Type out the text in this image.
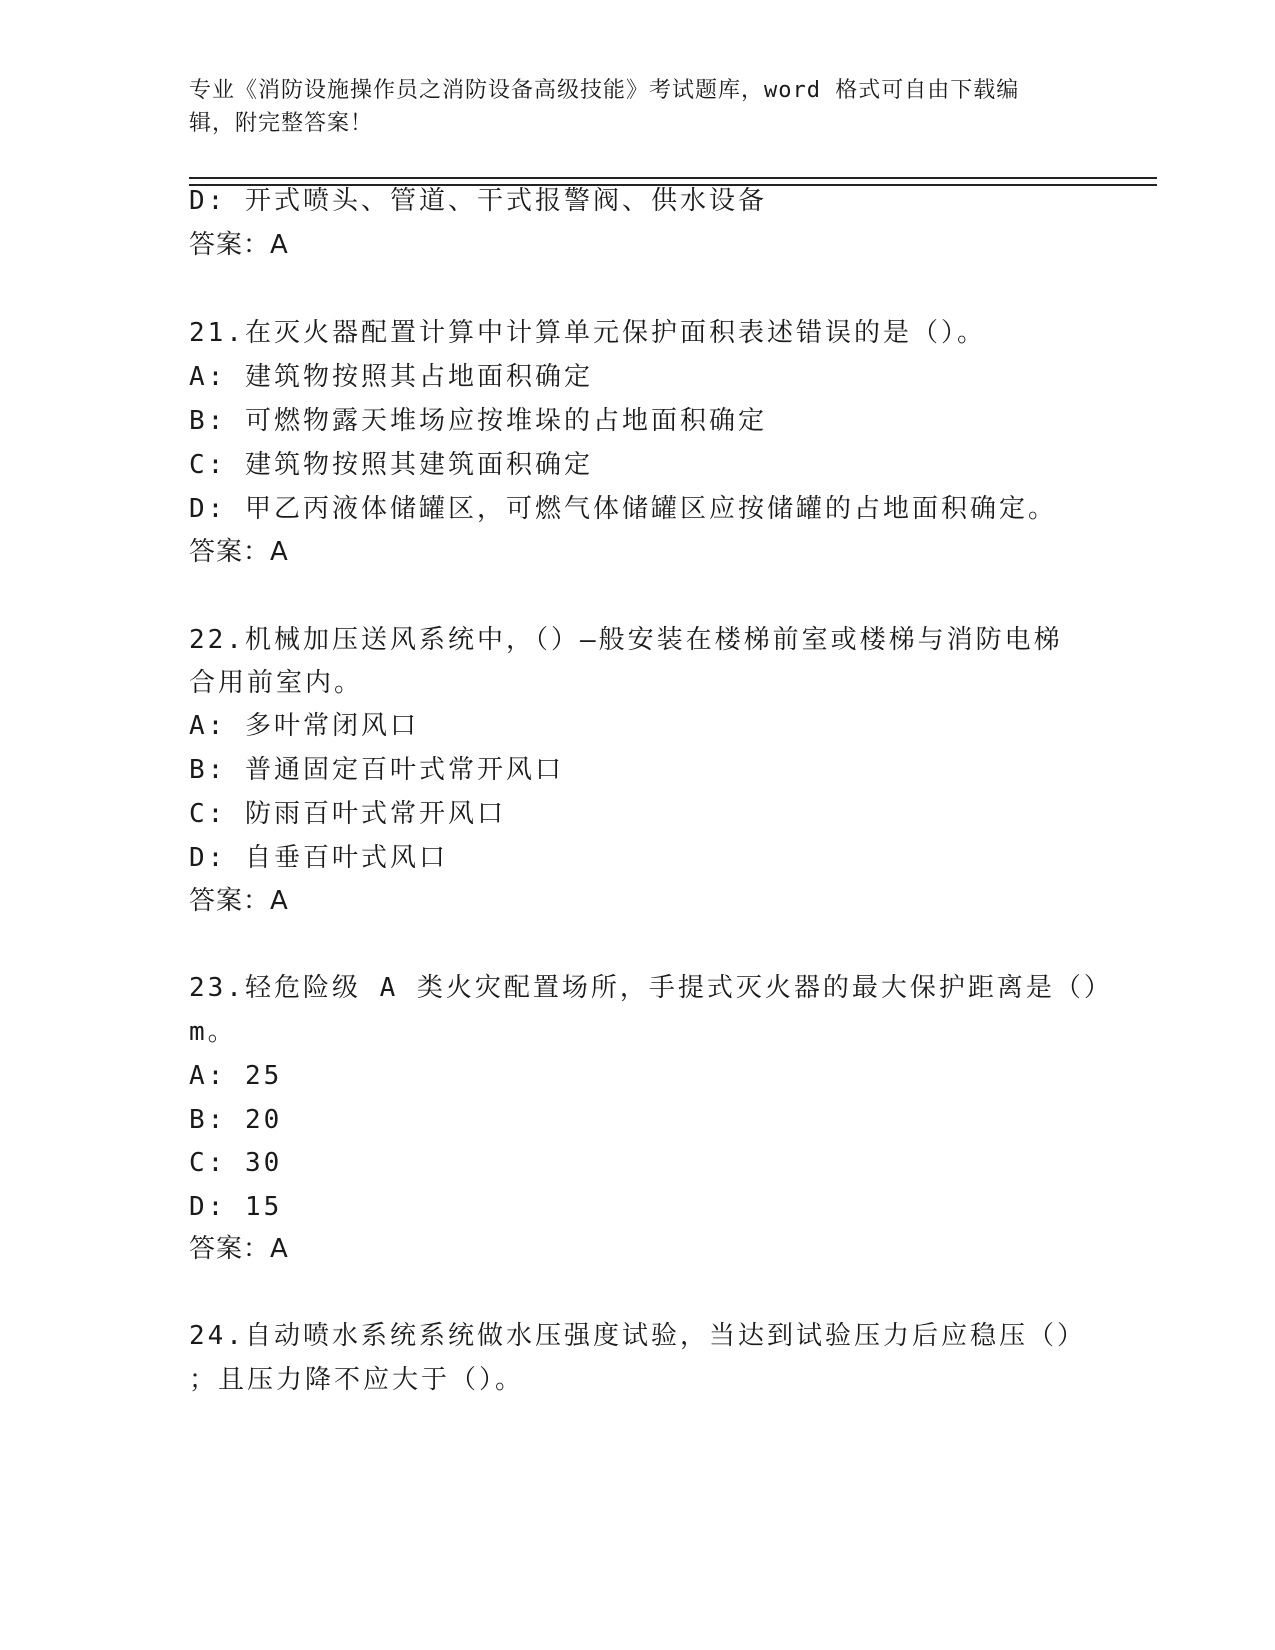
专业《消防设施操作员之消防设备高级技能》考试题库，word 格式可自由下载编
辑，附完整答案！
D: 开式喷头、管道、干式报警阀、供水设备
答案：A
21.在灭火器配置计算中计算单元保护面积表述错误的是（）。
A: 建筑物按照其占地面积确定
B: 可燃物露天堆场应按堆垛的占地面积确定
C: 建筑物按照其建筑面积确定
D: 甲乙丙液体储罐区，可燃气体储罐区应按储罐的占地面积确定。
答案：A
22.机械加压送风系统中，（）—般安装在楼梯前室或楼梯与消防电梯
合用前室内。
A: 多叶常闭风口
B: 普通固定百叶式常开风口
C: 防雨百叶式常开风口
D: 自垂百叶式风口
答案：A
23.轻危险级 A 类火灾配置场所，手提式灭火器的最大保护距离是（）
m。
A: 25
B: 20
C: 30
D: 15
答案：A
24.自动喷水系统系统做水压强度试验，当达到试验压力后应稳压（）
；且压力降不应大于（）。
